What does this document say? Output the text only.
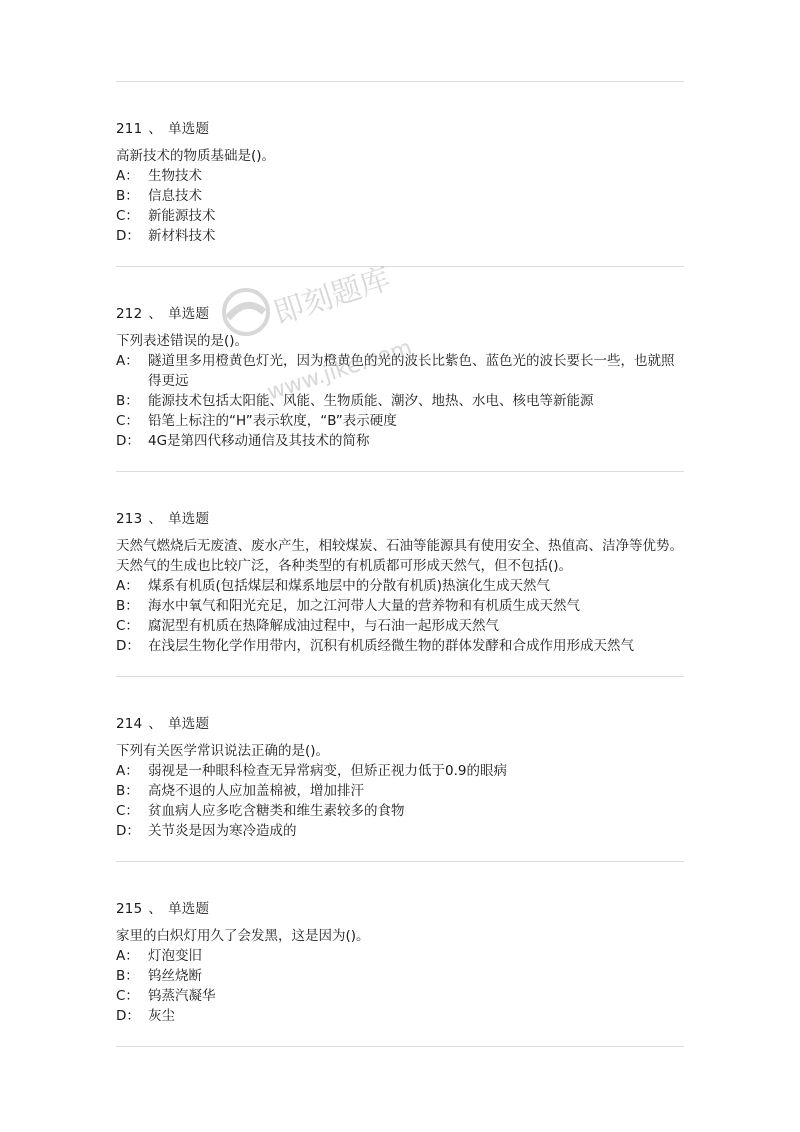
211 、 单选题
高新技术的物质基础是()。
A： 生物技术
B： 信息技术
C： 新能源技术
D： 新材料技术
212 、 单选题
下列表述错误的是()。
A： 隧道里多用橙黄色灯光，因为橙黄色的光的波长比紫色、蓝色光的波长要长一些，也就照得更远
B： 能源技术包括太阳能、风能、生物质能、潮汐、地热、水电、核电等新能源
C： 铅笔上标注的“H”表示软度，“B”表示硬度
D： 4G是第四代移动通信及其技术的简称
213 、 单选题
天然气燃烧后无废渣、废水产生，相较煤炭、石油等能源具有使用安全、热值高、洁净等优势。天然气的生成也比较广泛，各种类型的有机质都可形成天然气，但不包括()。
A： 煤系有机质(包括煤层和煤系地层中的分散有机质)热演化生成天然气
B： 海水中氧气和阳光充足，加之江河带人大量的营养物和有机质生成天然气
C： 腐泥型有机质在热降解成油过程中，与石油一起形成天然气
D： 在浅层生物化学作用带内，沉积有机质经微生物的群体发酵和合成作用形成天然气
214 、 单选题
下列有关医学常识说法正确的是()。
A： 弱视是一种眼科检查无异常病变，但矫正视力低于0.9的眼病
B： 高烧不退的人应加盖棉被，增加排汗
C： 贫血病人应多吃含糖类和维生素较多的食物
D： 关节炎是因为寒冷造成的
215 、 单选题
家里的白炽灯用久了会发黑，这是因为()。
A： 灯泡变旧
B： 钨丝烧断
C： 钨蒸汽凝华
D： 灰尘
即刻题库
www.jike.com
